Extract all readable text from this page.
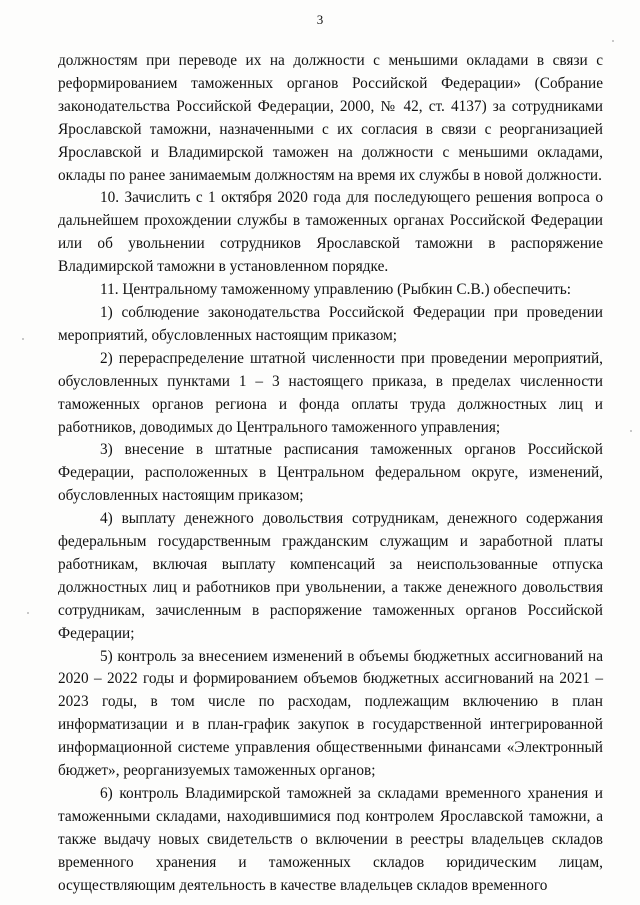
3

должностям при переводе их на должности с меньшими окладами в связи с реформированием таможенных органов Российской Федерации» (Собрание законодательства Российской Федерации, 2000, № 42, ст. 4137) за сотрудниками Ярославской таможни, назначенными с их согласия в связи с реорганизацией Ярославской и Владимирской таможен на должности с меньшими окладами, оклады по ранее занимаемым должностям на время их службы в новой должности.

10. Зачислить с 1 октября 2020 года для последующего решения вопроса о дальнейшем прохождении службы в таможенных органах Российской Федерации или об увольнении сотрудников Ярославской таможни в распоряжение Владимирской таможни в установленном порядке.

11. Центральному таможенному управлению (Рыбкин С.В.) обеспечить:

1) соблюдение законодательства Российской Федерации при проведении мероприятий, обусловленных настоящим приказом;

2) перераспределение штатной численности при проведении мероприятий, обусловленных пунктами 1 – 3 настоящего приказа, в пределах численности таможенных органов региона и фонда оплаты труда должностных лиц и работников, доводимых до Центрального таможенного управления;

3) внесение в штатные расписания таможенных органов Российской Федерации, расположенных в Центральном федеральном округе, изменений, обусловленных настоящим приказом;

4) выплату денежного довольствия сотрудникам, денежного содержания федеральным государственным гражданским служащим и заработной платы работникам, включая выплату компенсаций за неиспользованные отпуска должностных лиц и работников при увольнении, а также денежного довольствия сотрудникам, зачисленным в распоряжение таможенных органов Российской Федерации;

5) контроль за внесением изменений в объемы бюджетных ассигнований на 2020 – 2022 годы и формированием объемов бюджетных ассигнований на 2021 – 2023 годы, в том числе по расходам, подлежащим включению в план информатизации и в план-график закупок в государственной интегрированной информационной системе управления общественными финансами «Электронный бюджет», реорганизуемых таможенных органов;

6) контроль Владимирской таможней за складами временного хранения и таможенными складами, находившимися под контролем Ярославской таможни, а также выдачу новых свидетельств о включении в реестры владельцев складов временного хранения и таможенных складов юридическим лицам, осуществляющим деятельность в качестве владельцев складов временного
